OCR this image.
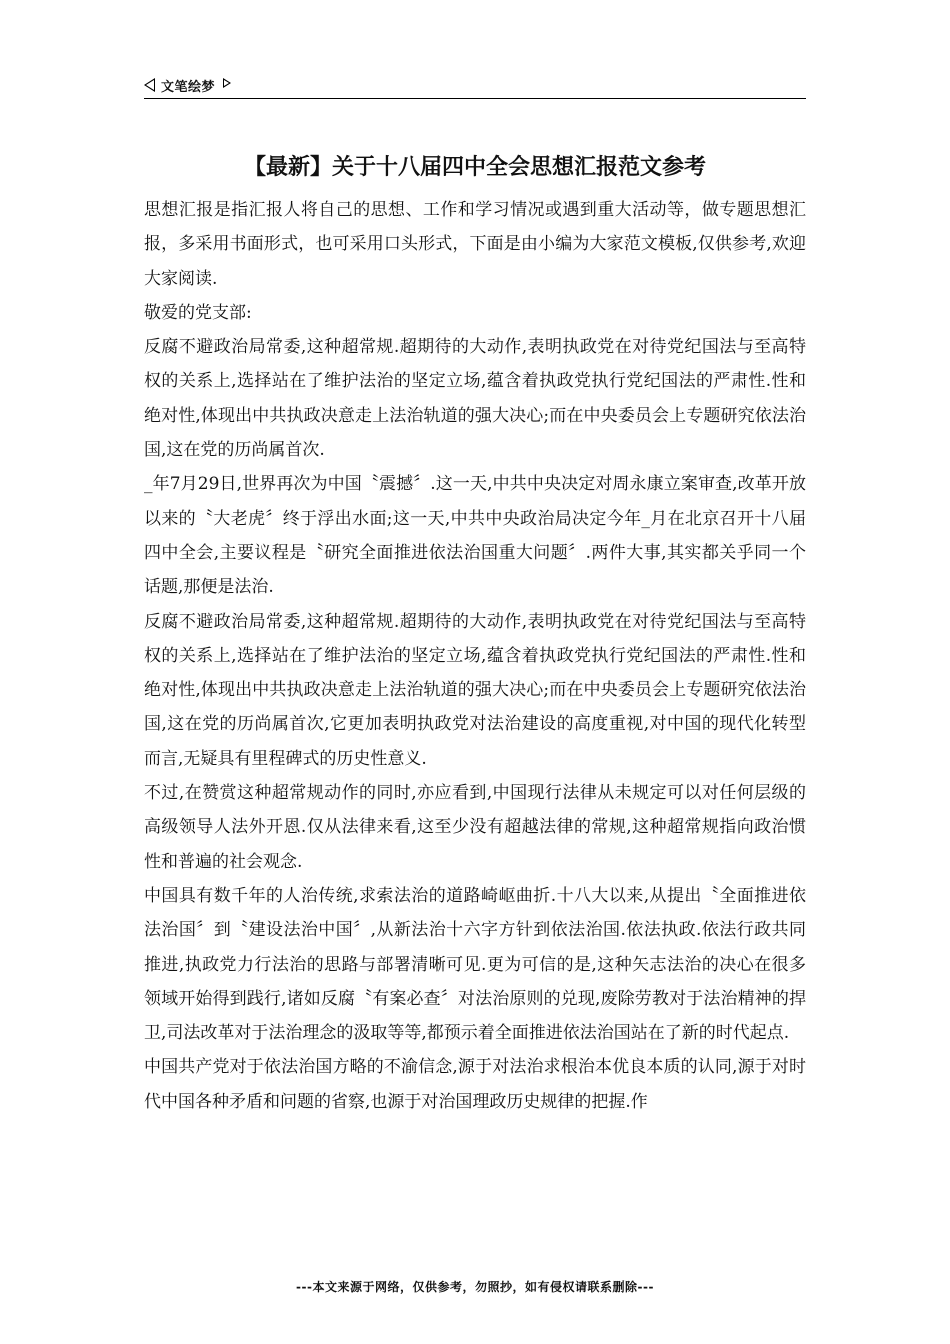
文笔绘梦
【最新】关于十八届四中全会思想汇报范文参考

思想汇报是指汇报人将自己的思想、工作和学习情况或遇到重大活动等，做专题思想汇报，多采用书面形式，也可采用口头形式，下面是由小编为大家范文模板,仅供参考,欢迎大家阅读.

敬爱的党支部:

反腐不避政治局常委,这种超常规.超期待的大动作,表明执政党在对待党纪国法与至高特权的关系上,选择站在了维护法治的坚定立场,蕴含着执政党执行党纪国法的严肃性.性和绝对性,体现出中共执政决意走上法治轨道的强大决心;而在中央委员会上专题研究依法治国,这在党的历尚属首次.

_年7月29日,世界再次为中国〝震撼〞.这一天,中共中央决定对周永康立案审查,改革开放以来的〝大老虎〞终于浮出水面;这一天,中共中央政治局决定今年_月在北京召开十八届四中全会,主要议程是〝研究全面推进依法治国重大问题〞.两件大事,其实都关乎同一个话题,那便是法治.

反腐不避政治局常委,这种超常规.超期待的大动作,表明执政党在对待党纪国法与至高特权的关系上,选择站在了维护法治的坚定立场,蕴含着执政党执行党纪国法的严肃性.性和绝对性,体现出中共执政决意走上法治轨道的强大决心;而在中央委员会上专题研究依法治国,这在党的历尚属首次,它更加表明执政党对法治建设的高度重视,对中国的现代化转型而言,无疑具有里程碑式的历史性意义.

不过,在赞赏这种超常规动作的同时,亦应看到,中国现行法律从未规定可以对任何层级的高级领导人法外开恩.仅从法律来看,这至少没有超越法律的常规,这种超常规指向政治惯性和普遍的社会观念.

中国具有数千年的人治传统,求索法治的道路崎岖曲折.十八大以来,从提出〝全面推进依法治国〞到〝建设法治中国〞,从新法治十六字方针到依法治国.依法执政.依法行政共同推进,执政党力行法治的思路与部署清晰可见.更为可信的是,这种矢志法治的决心在很多领域开始得到践行,诸如反腐〝有案必查〞对法治原则的兑现,废除劳教对于法治精神的捍卫,司法改革对于法治理念的汲取等等,都预示着全面推进依法治国站在了新的时代起点.

中国共产党对于依法治国方略的不渝信念,源于对法治求根治本优良本质的认同,源于对时代中国各种矛盾和问题的省察,也源于对治国理政历史规律的把握.作

---本文来源于网络，仅供参考，勿照抄，如有侵权请联系删除---
